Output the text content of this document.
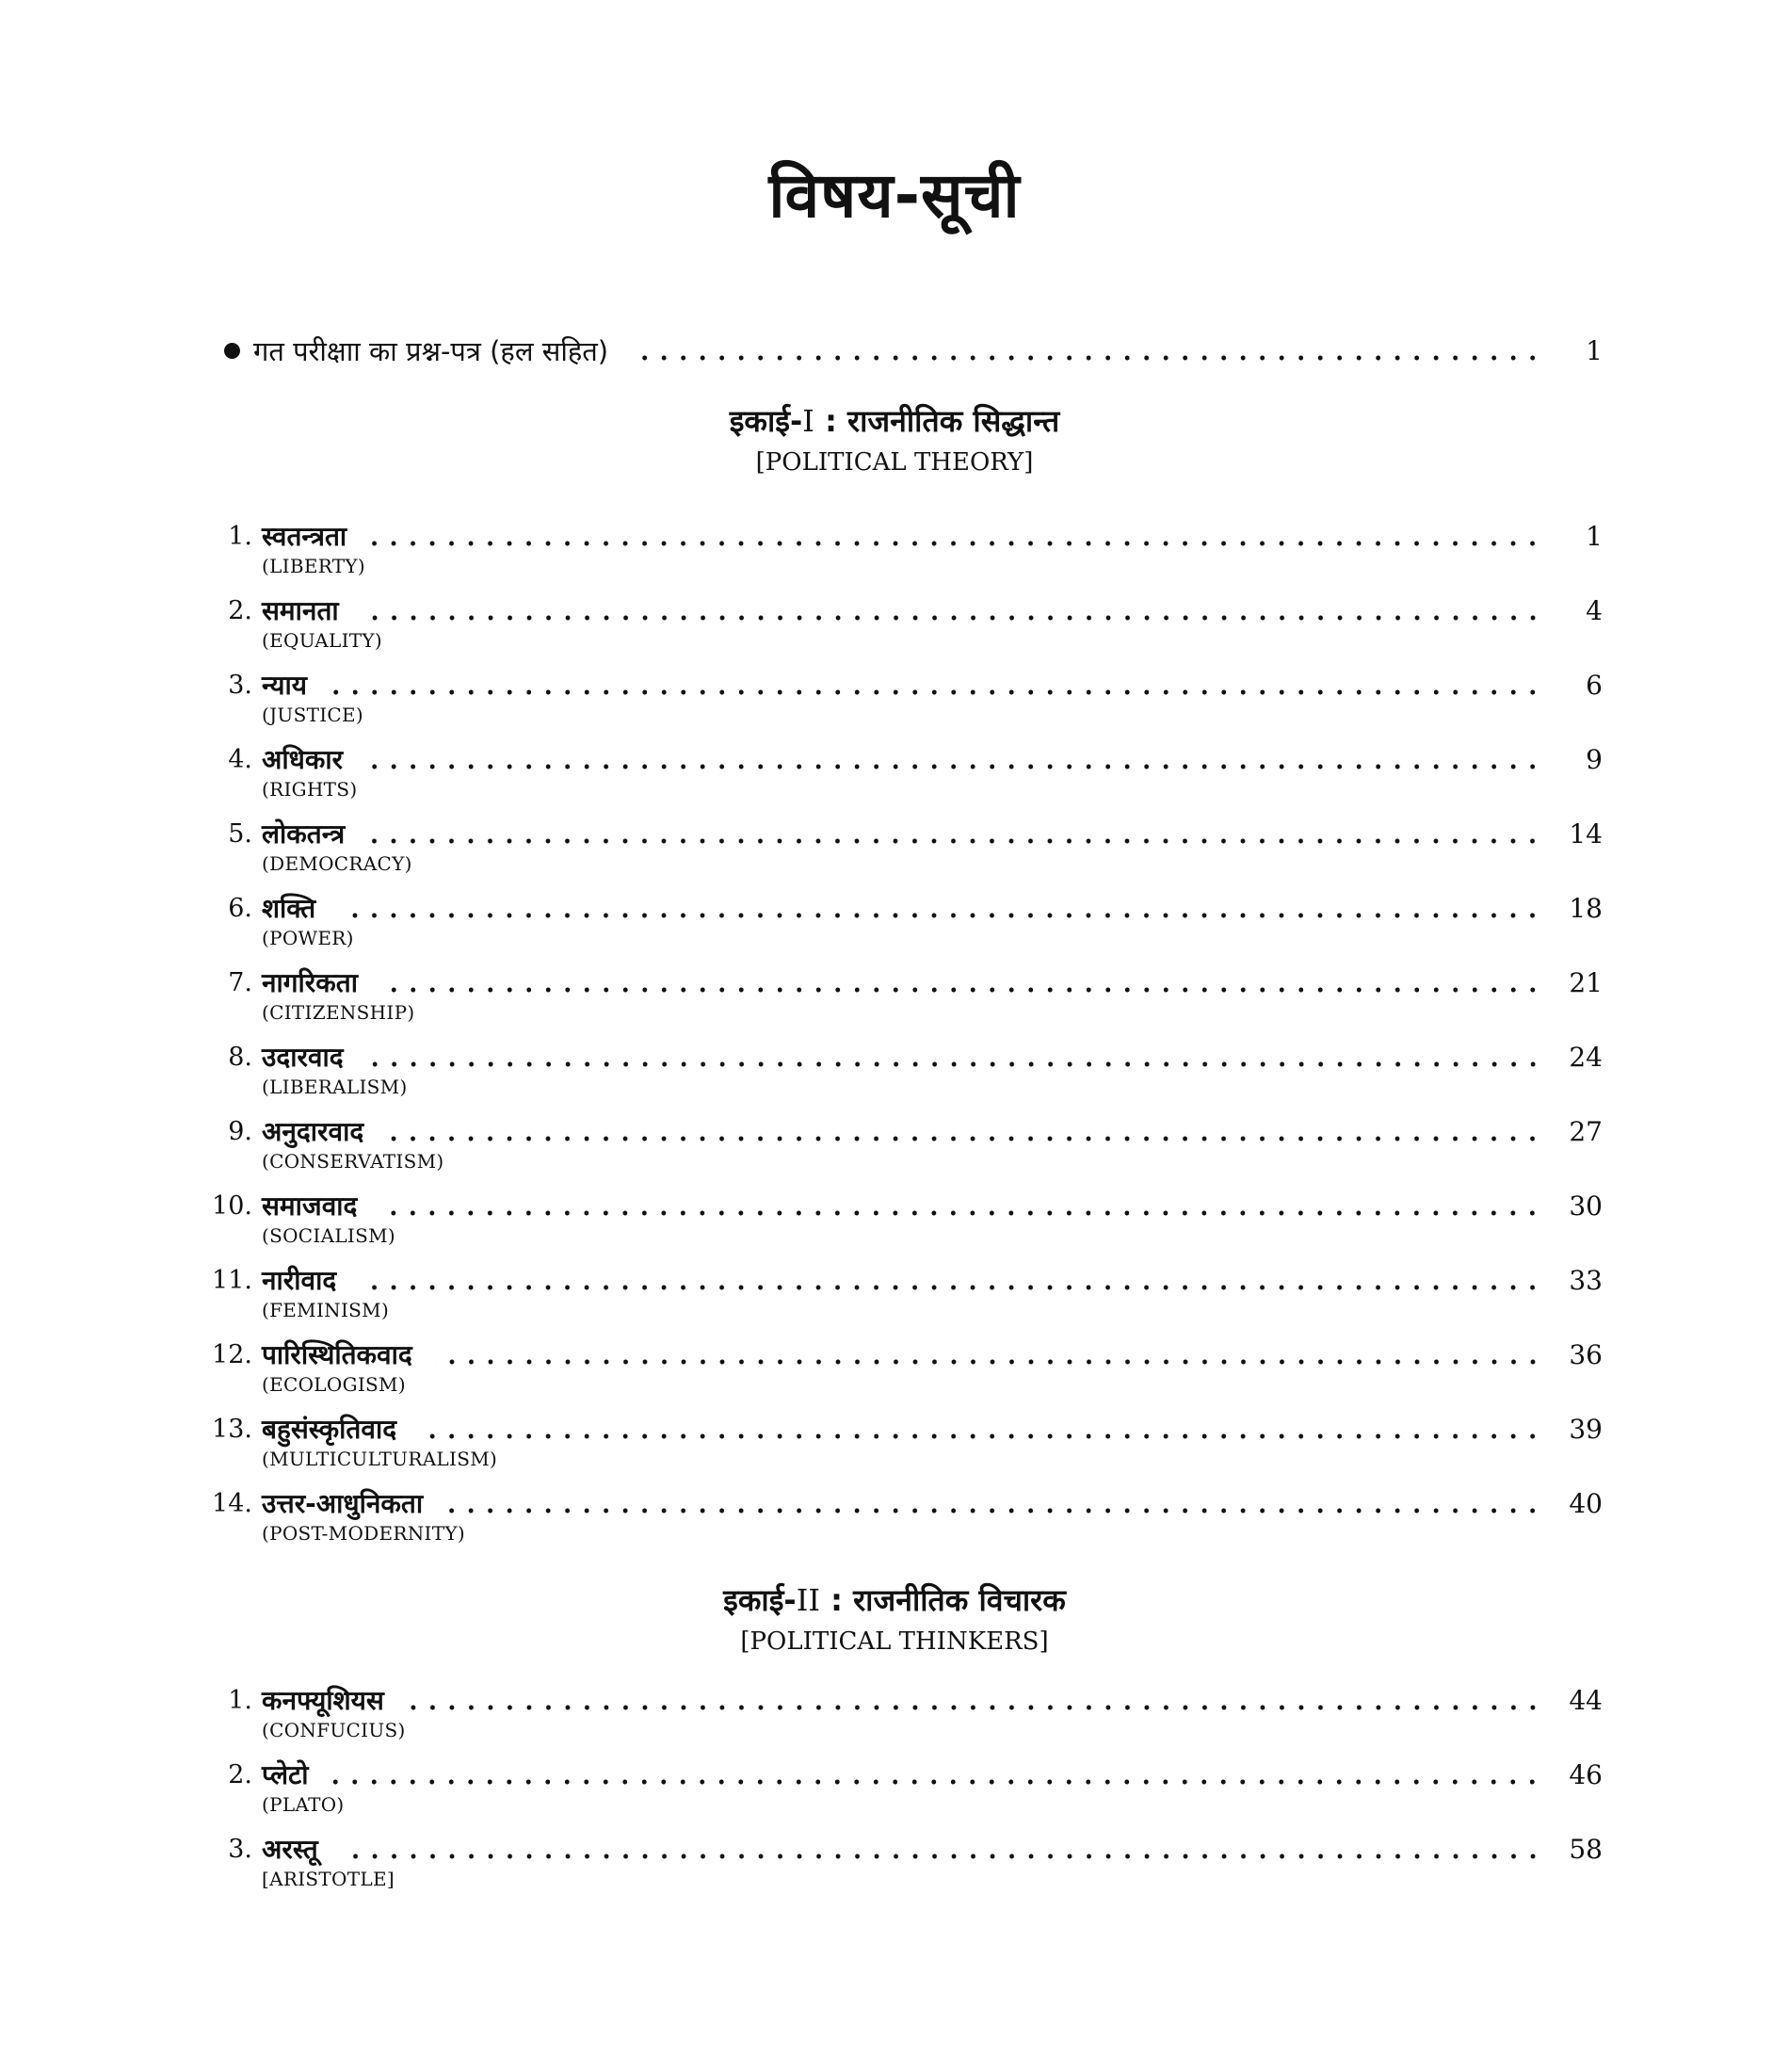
विषय-सूची
गत परीक्षाा का प्रश्न-पत्र (हल सहित)	1
इकाई-I : राजनीतिक सिद्धान्त
[POLITICAL THEORY]
1. स्वतन्त्रता	1
(LIBERTY)
2. समानता	4
(EQUALITY)
3. न्याय	6
(JUSTICE)
4. अधिकार	9
(RIGHTS)
5. लोकतन्त्र	14
(DEMOCRACY)
6. शक्ति	18
(POWER)
7. नागरिकता	21
(CITIZENSHIP)
8. उदारवाद	24
(LIBERALISM)
9. अनुदारवाद	27
(CONSERVATISM)
10. समाजवाद	30
(SOCIALISM)
11. नारीवाद	33
(FEMINISM)
12. पारिस्थितिकवाद	36
(ECOLOGISM)
13. बहुसंस्कृतिवाद	39
(MULTICULTURALISM)
14. उत्तर-आधुनिकता	40
(POST-MODERNITY)
इकाई-II : राजनीतिक विचारक
[POLITICAL THINKERS]
1. कनफ्यूशियस	44
(CONFUCIUS)
2. प्लेटो	46
(PLATO)
3. अरस्तू	58
[ARISTOTLE]
